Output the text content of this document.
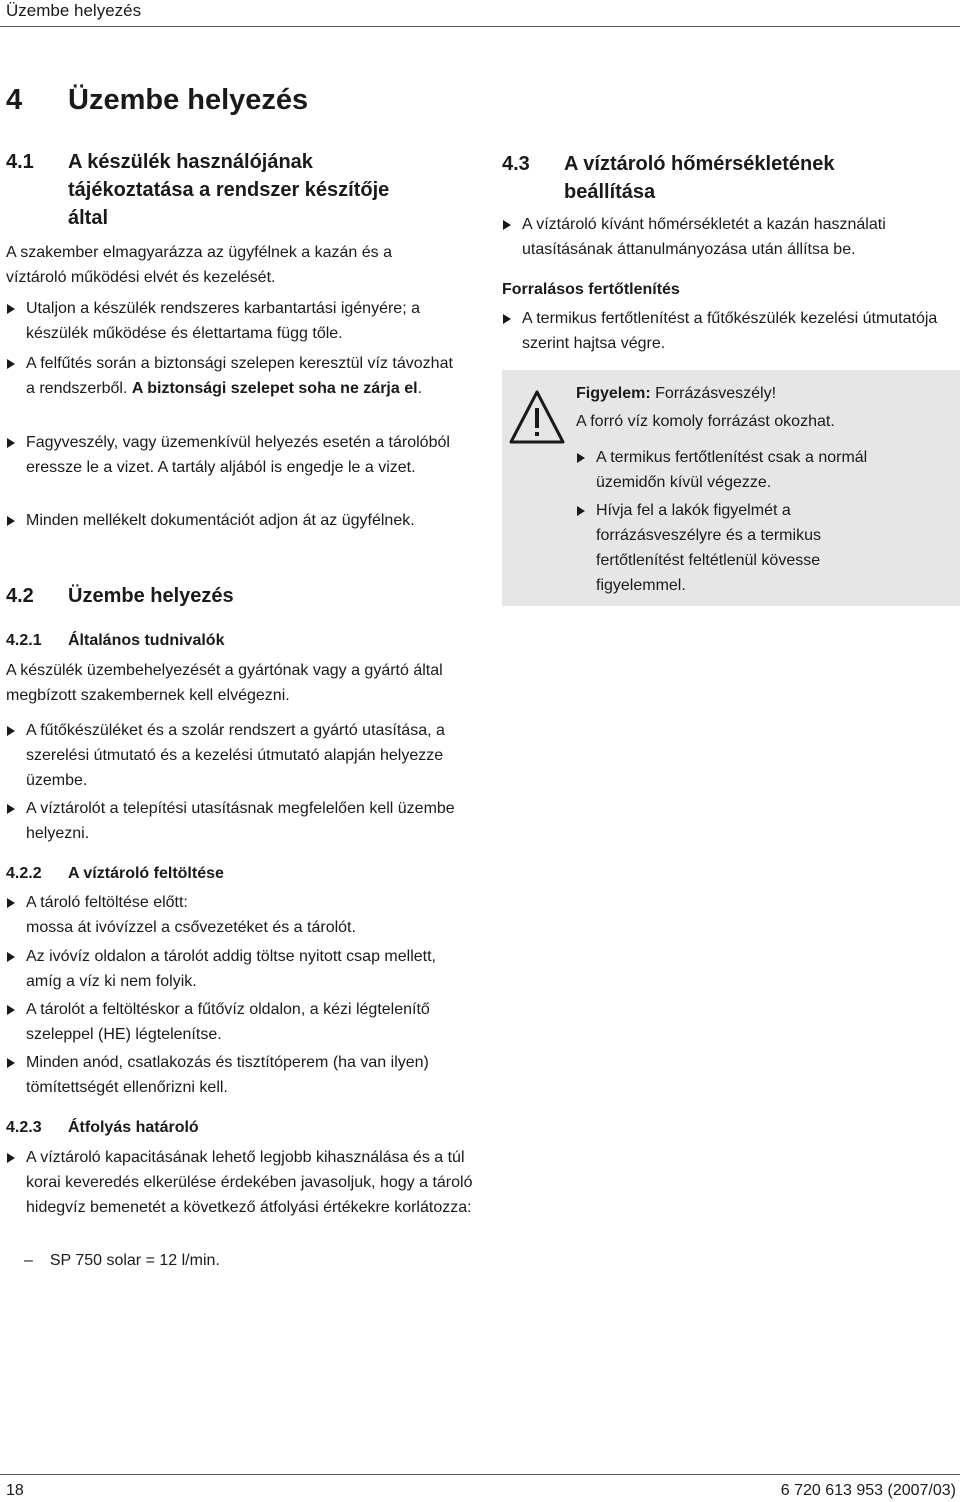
Üzembe helyezés
4 Üzembe helyezés
4.1	A készülék használójának
tájékoztatása a rendszer készítője
által
A szakember elmagyarázza az ügyfélnek a kazán és a víztároló működési elvét és kezelését.
Utaljon a készülék rendszeres karbantartási igényére; a készülék működése és élettartama függ tőle.
A felfűtés során a biztonsági szelepen keresztül víz távozhat a rendszerből. A biztonsági szelepet soha ne zárja el.
Fagyveszély, vagy üzemenkívül helyezés esetén a tárolóból eressze le a vizet. A tartály aljából is engedje le a vizet.
Minden mellékelt dokumentációt adjon át az ügyfélnek.
4.2 Üzembe helyezés
4.2.1 Általános tudnivalók
A készülék üzembehelyezését a gyártónak vagy a gyártó által megbízott szakembernek kell elvégezni.
A fűtőkészüléket és a szolár rendszert a gyártó utasítása, a szerelési útmutató és a kezelési útmutató alapján helyezze üzembe.
A víztárolót a telepítési utasításnak megfelelően kell üzembe helyezni.
4.2.2 A víztároló feltöltése
A tároló feltöltése előtt:
mossa át ivóvízzel a csővezetéket és a tárolót.
Az ivóvíz oldalon a tárolót addig töltse nyitott csap mellett, amíg a víz ki nem folyik.
A tárolót a feltöltéskor a fűtővíz oldalon, a kézi légtelenítő szeleppel (HE) légtelenítse.
Minden anód, csatlakozás és tisztítóperem (ha van ilyen) tömítettségét ellenőrizni kell.
4.2.3 Átfolyás határoló
A víztároló kapacitásának lehető legjobb kihasználása és a túl korai keveredés elkerülése érdekében javasoljuk, hogy a tároló hidegvíz bemenetét a következő átfolyási értékekre korlátozza:
– SP 750 solar = 12 l/min.
4.3	A víztároló hőmérsékletének
beállítása
A víztároló kívánt hőmérsékletét a kazán használati utasításának áttanulmányozása után állítsa be.
Forralásos fertőtlenítés
A termikus fertőtlenítést a fűtőkészülék kezelési útmutatója szerint hajtsa végre.
Figyelem: Forrázásveszély!
A forró víz komoly forrázást okozhat.
A termikus fertőtlenítést csak a normál üzemidőn kívül végezze.
Hívja fel a lakók figyelmét a forrázásveszélyre és a termikus fertőtlenítést feltétlenül kövesse figyelemmel.
18	6 720 613 953 (2007/03)
